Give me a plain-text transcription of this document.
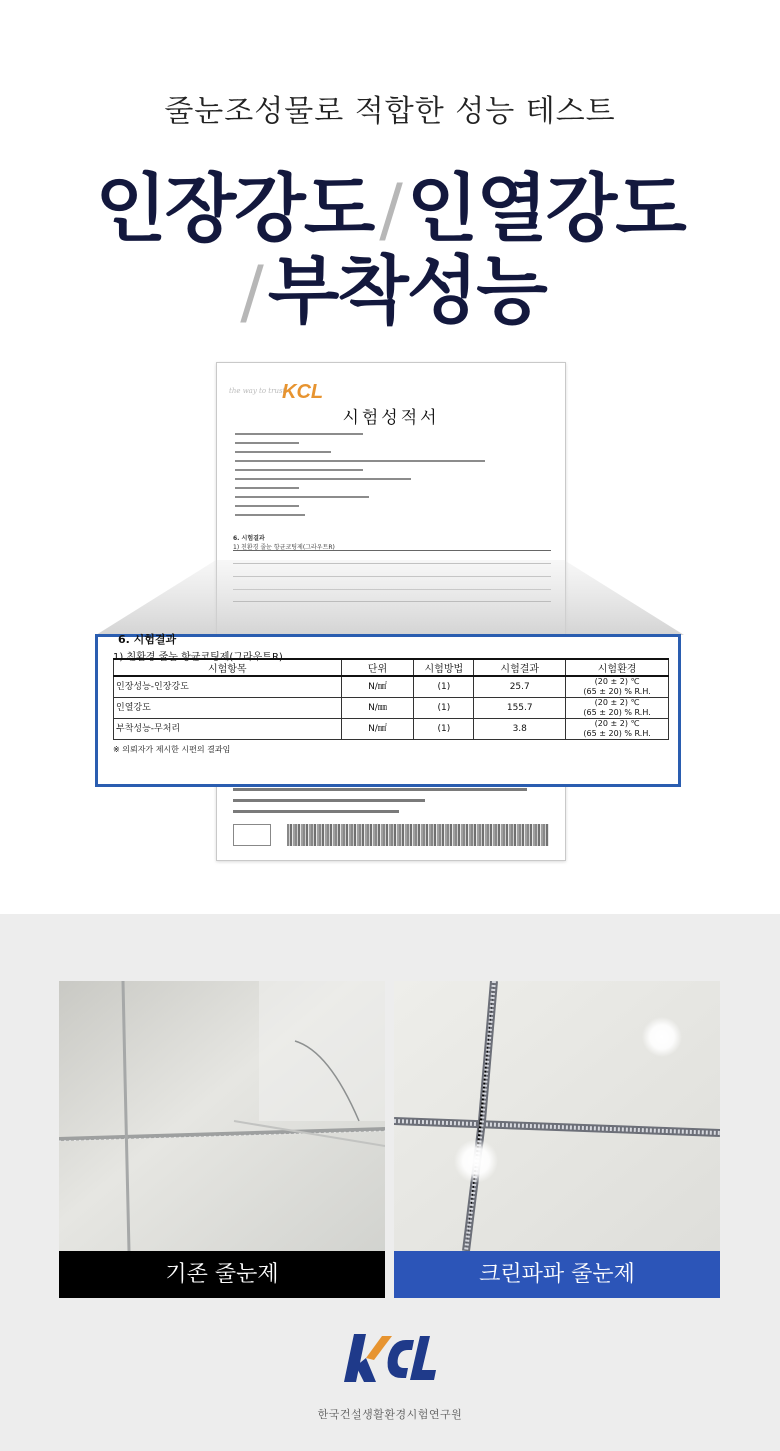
줄눈조성물로 적합한 성능 테스트
인장강도/인열강도
/부착성능
the way to trust
KCL
시험성적서
6. 시험결과
1) 친환경 줄눈 항균코팅제(그라우트R)
6. 시험결과
1) 친환경 줄눈 항균코팅제(그라우트R)
시험항목	단위	시험방법	시험결과	시험환경
인장성능-인장강도	N/㎟	(1)	25.7	(20 ± 2) ℃
(65 ± 20) % R.H.
인열강도	N/㎜	(1)	155.7	(20 ± 2) ℃
(65 ± 20) % R.H.
부착성능-무처리	N/㎟	(1)	3.8	(20 ± 2) ℃
(65 ± 20) % R.H.
※ 의뢰자가 제시한 시편의 결과임
기존 줄눈제	크린파파 줄눈제
한국건설생활환경시험연구원
